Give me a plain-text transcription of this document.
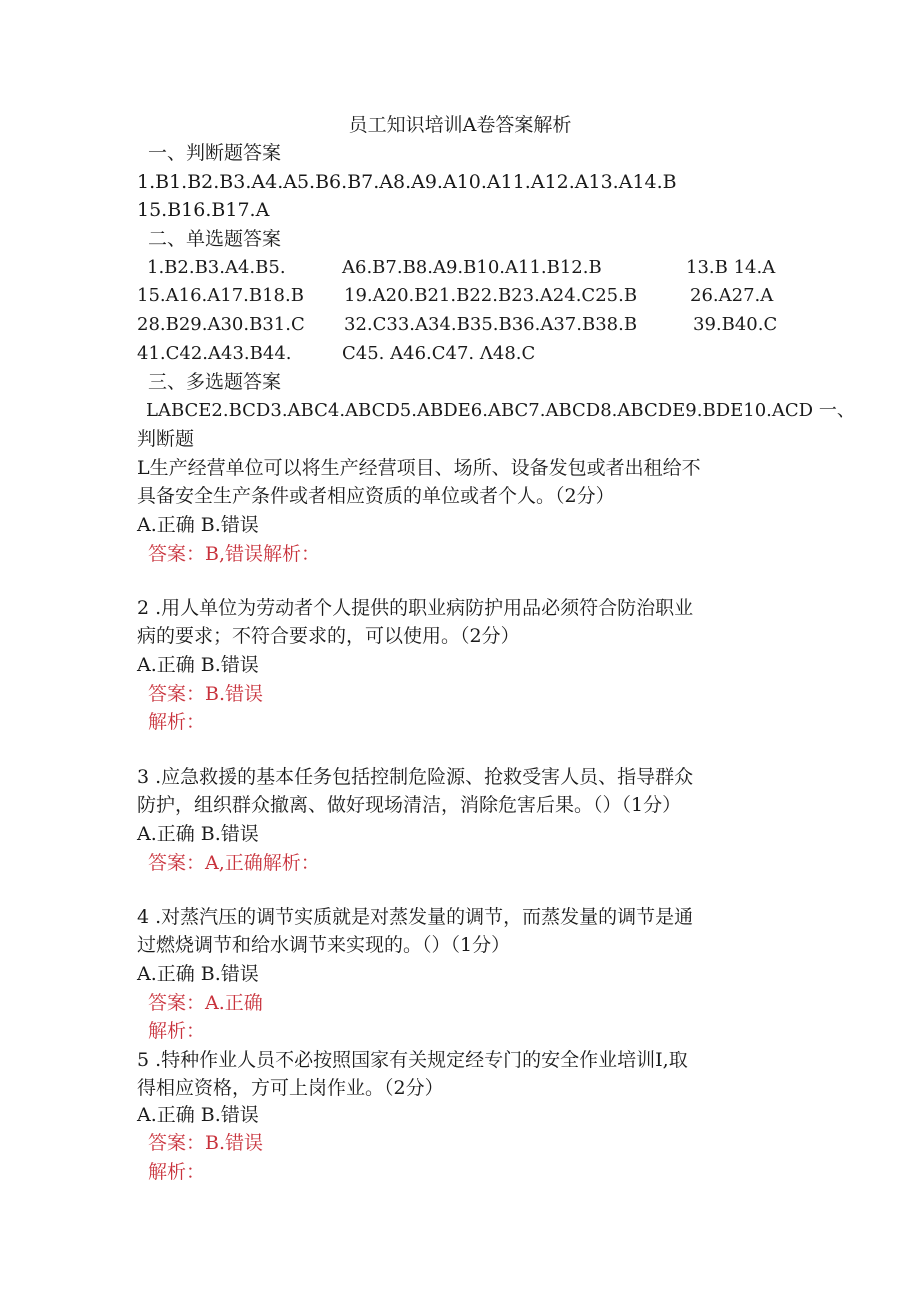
员工知识培训A卷答案解析
一、判断题答案
1.B1.B2.B3.A4.A5.B6.B7.A8.A9.A10.A11.A12.A13.A14.B
15.B16.B17.A
二、单选题答案
1.B2.B3.A4.B5.	A6.B7.B8.A9.B10.A11.B12.B	13.B 14.A
15.A16.A17.B18.B 19.A20.B21.B22.B23.A24.C25.B	26.A27.A
28.B29.A30.B31.C 32.C33.A34.B35.B36.A37.B38.B	39.B40.C
41.C42.A43.B44.	C45. A46.C47. Λ48.C
三、多选题答案
LABCE2.BCD3.ABC4.ABCD5.ABDE6.ABC7.ABCD8.ABCDE9.BDE10.ACD 一、
判断题
L生产经营单位可以将生产经营项目、场所、设备发包或者出租给不
具备安全生产条件或者相应资质的单位或者个人。（2分）
A.正确 B.错误
答案：B,错误解析：
2 .用人单位为劳动者个人提供的职业病防护用品必须符合防治职业
病的要求；不符合要求的，可以使用。（2分）
A.正确 B.错误
答案：B.错误
解析：
3 .应急救援的基本任务包括控制危险源、抢救受害人员、指导群众
防护，组织群众撤离、做好现场清洁，消除危害后果。（）（1分）
A.正确 B.错误
答案：A,正确解析：
4 .对蒸汽压的调节实质就是对蒸发量的调节，而蒸发量的调节是通
过燃烧调节和给水调节来实现的。（）（1分）
A.正确 B.错误
答案：A.正确
解析：
5 .特种作业人员不必按照国家有关规定经专门的安全作业培训I,取
得相应资格，方可上岗作业。（2分）
A.正确 B.错误
答案：B.错误
解析：
